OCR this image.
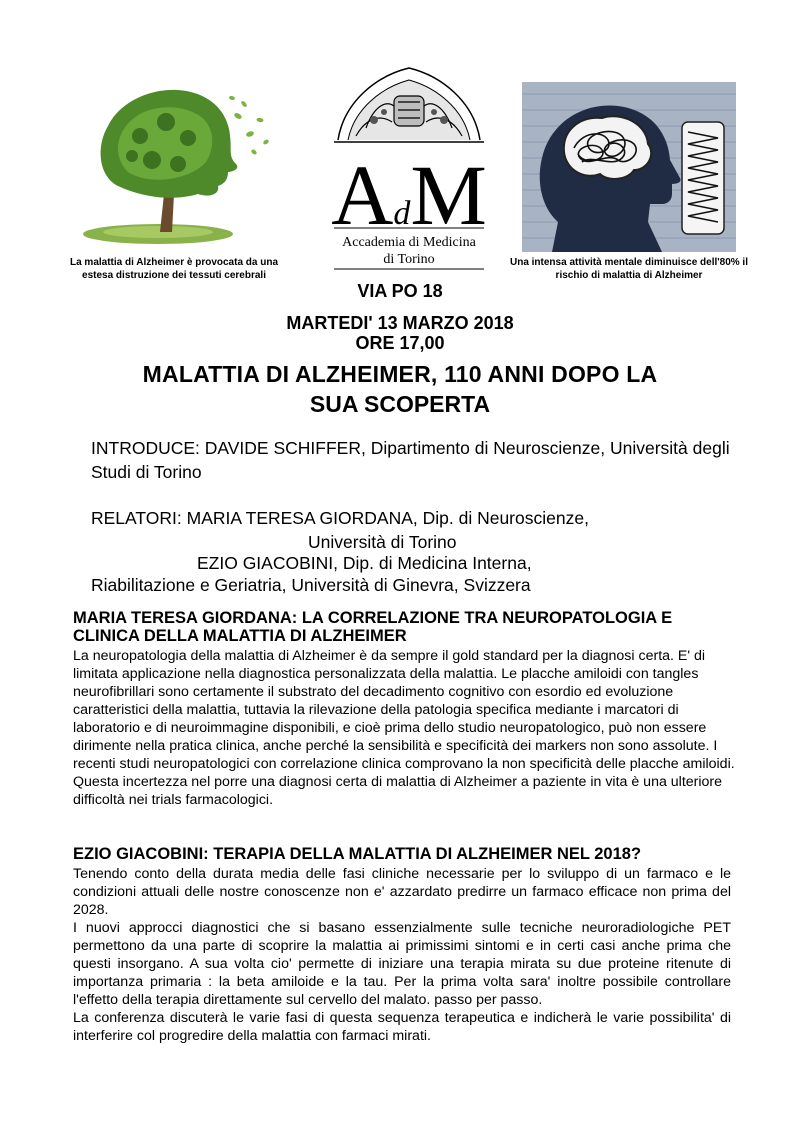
La malattia di Alzheimer è provocata da una estesa distruzione dei tessuti cerebrali
AdM
Accademia di Medicina
di Torino	Una intensa attività mentale diminuisce dell'80% il rischio di malattia di Alzheimer
VIA PO 18
MARTEDI' 13 MARZO 2018
ORE 17,00
MALATTIA DI ALZHEIMER, 110 ANNI DOPO LA
SUA SCOPERTA
INTRODUCE: DAVIDE SCHIFFER, Dipartimento di Neuroscienze, Università degli Studi di Torino
RELATORI: MARIA TERESA GIORDANA, Dip. di Neuroscienze,
Università di Torino
EZIO GIACOBINI, Dip. di Medicina Interna,
Riabilitazione e Geriatria, Università di Ginevra, Svizzera
MARIA TERESA GIORDANA: LA CORRELAZIONE TRA NEUROPATOLOGIA E CLINICA DELLA MALATTIA DI ALZHEIMER
La neuropatologia della malattia di Alzheimer è da sempre il gold standard per la diagnosi certa. E' di limitata applicazione nella diagnostica personalizzata della malattia. Le placche amiloidi con tangles neurofibrillari sono certamente il substrato del decadimento cognitivo con esordio ed evoluzione caratteristici della malattia, tuttavia la rilevazione della patologia specifica mediante i marcatori di laboratorio e di neuroimmagine disponibili, e cioè prima dello studio neuropatologico, può non essere dirimente nella pratica clinica, anche perché la sensibilità e specificità dei markers non sono assolute. I recenti studi neuropatologici con correlazione clinica comprovano la non specificità delle placche amiloidi. Questa incertezza nel porre una diagnosi certa di malattia di Alzheimer a paziente in vita è una ulteriore difficoltà nei trials farmacologici.
EZIO GIACOBINI: TERAPIA DELLA MALATTIA DI ALZHEIMER NEL 2018?

Tenendo conto della durata media delle fasi cliniche necessarie per lo sviluppo di un farmaco e le condizioni attuali delle nostre conoscenze non e' azzardato predirre un farmaco efficace non prima del 2028.

I nuovi approcci diagnostici che si basano essenzialmente sulle tecniche neuroradiologiche PET permettono da una parte di scoprire la malattia ai primissimi sintomi e in certi casi anche prima che questi insorgano. A sua volta cio' permette di iniziare una terapia mirata su due proteine ritenute di importanza primaria : la beta amiloide e la tau. Per la prima volta sara' inoltre possibile controllare l'effetto della terapia direttamente sul cervello del malato. passo per passo.

La conferenza discuterà le varie fasi di questa sequenza terapeutica e indicherà le varie possibilita' di interferire col progredire della malattia con farmaci mirati.
